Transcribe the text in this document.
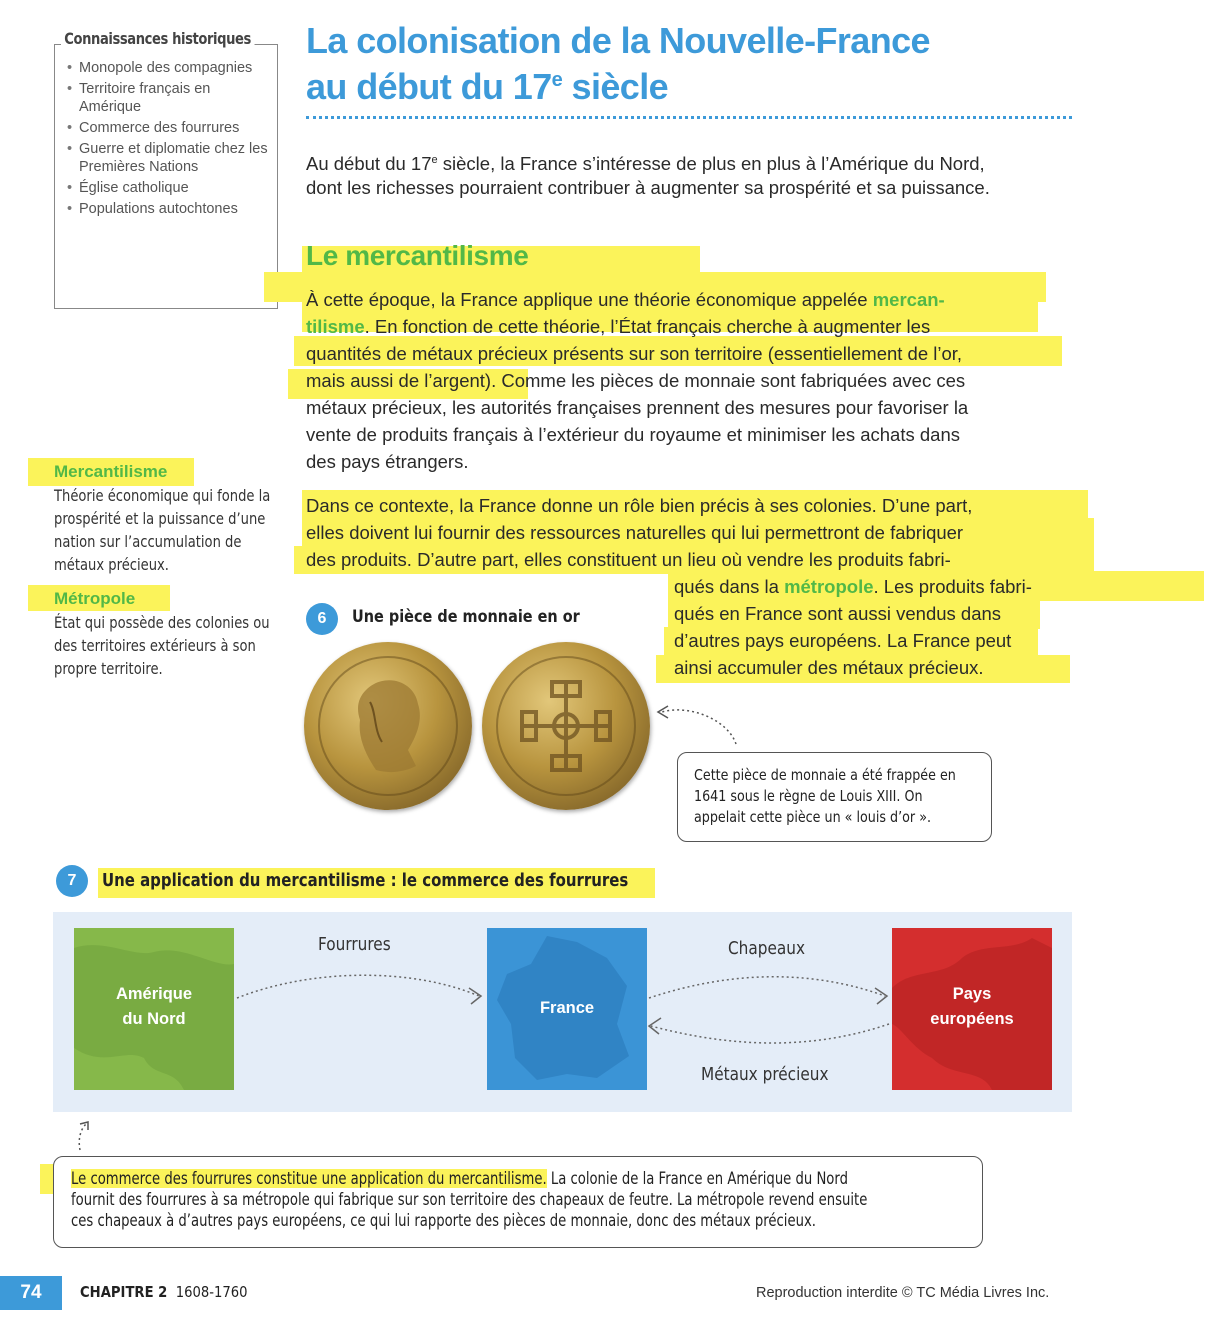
Connaissances historiques
• Monopole des compagnies
• Territoire français en Amérique
• Commerce des fourrures
• Guerre et diplomatie chez les Premières Nations
• Église catholique
• Populations autochtones
La colonisation de la Nouvelle-France
au début du 17e siècle
Au début du 17e siècle, la France s’intéresse de plus en plus à l’Amérique du Nord,
dont les richesses pourraient contribuer à augmenter sa prospérité et sa puissance.
Le mercantilisme
À cette époque, la France applique une théorie économique appelée mercan-
tilisme. En fonction de cette théorie, l’État français cherche à augmenter les
quantités de métaux précieux présents sur son territoire (essentiellement de l’or,
mais aussi de l’argent). Comme les pièces de monnaie sont fabriquées avec ces
métaux précieux, les autorités françaises prennent des mesures pour favoriser la
vente de produits français à l’extérieur du royaume et minimiser les achats dans
des pays étrangers.
Dans ce contexte, la France donne un rôle bien précis à ses colonies. D’une part,
elles doivent lui fournir des ressources naturelles qui lui permettront de fabriquer
des produits. D’autre part, elles constituent un lieu où vendre les produits fabri-
qués dans la métropole. Les produits fabri-
qués en France sont aussi vendus dans
d’autres pays européens. La France peut
ainsi accumuler des métaux précieux.
Mercantilisme
Théorie économique qui fonde la prospérité et la puissance d’une nation sur l’accumulation de métaux précieux.
Métropole
État qui possède des colonies ou des territoires extérieurs à son propre territoire.
6	Une pièce de monnaie en or
Cette pièce de monnaie a été frappée en 1641 sous le règne de Louis XIII. On appelait cette pièce un « louis d’or ».
7	Une application du mercantilisme : le commerce des fourrures
Amérique
du Nord
France
Pays
européens
Fourrures	Chapeaux
Métaux précieux
Le commerce des fourrures constitue une application du mercantilisme. La colonie de la France en Amérique du Nord
fournit des fourrures à sa métropole qui fabrique sur son territoire des chapeaux de feutre. La métropole revend ensuite
ces chapeaux à d’autres pays européens, ce qui lui rapporte des pièces de monnaie, donc des métaux précieux.
74	CHAPITRE 2 1608-1760	Reproduction interdite © TC Média Livres Inc.
